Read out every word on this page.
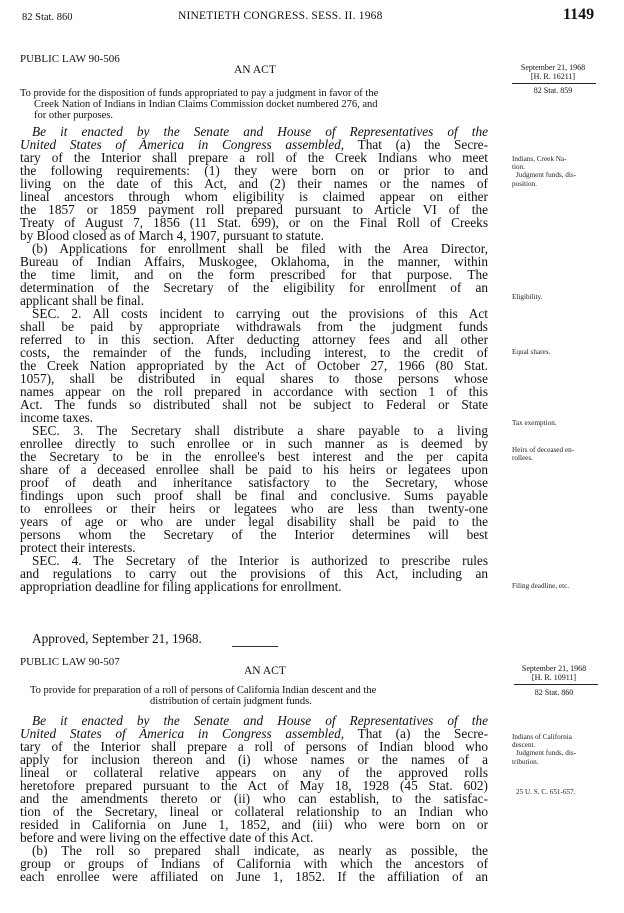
82 Stat. 860	NINETIETH CONGRESS. SESS. II. 1968	1149
PUBLIC LAW 90-506
AN ACT	September 21, 1968
[H. R. 16211]
82 Stat. 859
To provide for the disposition of funds appropriated to pay a judgment in favor of the
Creek Nation of Indians in Indian Claims Commission docket numbered 276, and
for other purposes.

Be it enacted by the Senate and House of Representatives of the

United States of America in Congress assembled, That (a) the Secre-

tary of the Interior shall prepare a roll of the Creek Indians who meet

the following requirements: (1) they were born on or prior to and

living on the date of this Act, and (2) their names or the names of

lineal ancestors through whom eligibility is claimed appear on either

the 1857 or 1859 payment roll prepared pursuant to Article VI of the

Treaty of August 7, 1856 (11 Stat. 699), or on the Final Roll of Creeks

by Blood closed as of March 4, 1907, pursuant to statute.

(b) Applications for enrollment shall be filed with the Area Director,

Bureau of Indian Affairs, Muskogee, Oklahoma, in the manner, within

the time limit, and on the form prescribed for that purpose. The

determination of the Secretary of the eligibility for enrollment of an

applicant shall be final.

SEC. 2. All costs incident to carrying out the provisions of this Act

shall be paid by appropriate withdrawals from the judgment funds

referred to in this section. After deducting attorney fees and all other

costs, the remainder of the funds, including interest, to the credit of

the Creek Nation appropriated by the Act of October 27, 1966 (80 Stat.

1057), shall be distributed in equal shares to those persons whose

names appear on the roll prepared in accordance with section 1 of this

Act. The funds so distributed shall not be subject to Federal or State

income taxes.

SEC. 3. The Secretary shall distribute a share payable to a living

enrollee directly to such enrollee or in such manner as is deemed by

the Secretary to be in the enrollee's best interest and the per capita

share of a deceased enrollee shall be paid to his heirs or legatees upon

proof of death and inheritance satisfactory to the Secretary, whose

findings upon such proof shall be final and conclusive. Sums payable

to enrollees or their heirs or legatees who are less than twenty-one

years of age or who are under legal disability shall be paid to the

persons whom the Secretary of the Interior determines will best

protect their interests.

SEC. 4. The Secretary of the Interior is authorized to prescribe rules

and regulations to carry out the provisions of this Act, including an

appropriation deadline for filing applications for enrollment.

Approved, September 21, 1968.
Indians, Creek Na-
tion.
Judgment funds, dis-
position.
Eligibility.
Equal shares.
Tax exemption.
Heirs of deceased en-
rollees.
Filing deadline, etc.
PUBLIC LAW 90-507
AN ACT	September 21, 1968
[H. R. 10911]
82 Stat. 860
To provide for preparation of a roll of persons of California Indian descent and the
distribution of certain judgment funds.

Be it enacted by the Senate and House of Representatives of the

United States of America in Congress assembled, That (a) the Secre-

tary of the Interior shall prepare a roll of persons of Indian blood who

apply for inclusion thereon and (i) whose names or the names of a

lineal or collateral relative appears on any of the approved rolls

heretofore prepared pursuant to the Act of May 18, 1928 (45 Stat. 602)

and the amendments thereto or (ii) who can establish, to the satisfac-

tion of the Secretary, lineal or collateral relationship to an Indian who

resided in California on June 1, 1852, and (iii) who were born on or

before and were living on the effective date of this Act.

(b) The roll so prepared shall indicate, as nearly as possible, the

group or groups of Indians of California with which the ancestors of

each enrollee were affiliated on June 1, 1852. If the affiliation of an

Indians of California
descent.
Judgment funds, dis-
tribution.
25 U. S. C. 651-657.
